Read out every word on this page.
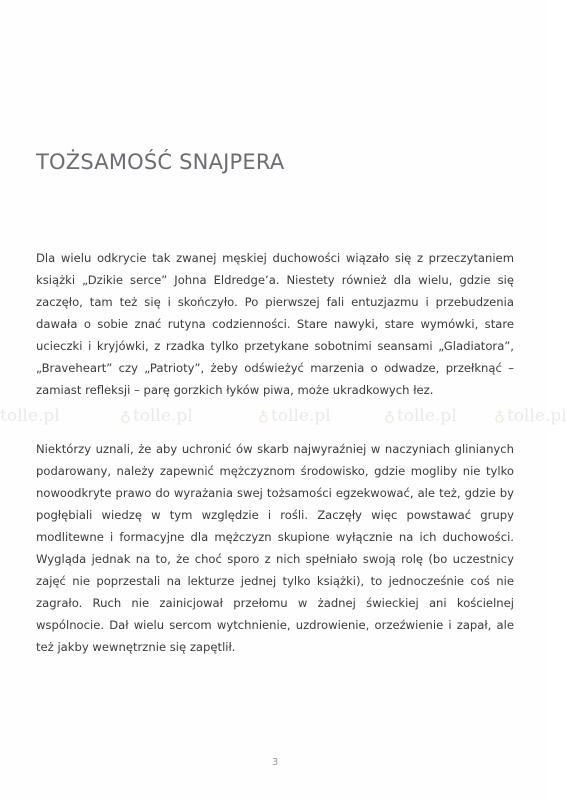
TOŻSAMOŚĆ SNAJPERA

Dla wielu odkrycie tak zwanej męskiej duchowości wiązało się z przeczytaniem książki „Dzikie serce” Johna Eldredge’a. Niestety również dla wielu, gdzie się zaczęło, tam też się i skończyło. Po pierwszej fali entuzjazmu i przebudzenia dawała o sobie znać rutyna codzienności. Stare nawyki, stare wymówki, stare ucieczki i kryjówki, z rzadka tylko przetykane sobotnimi seansami „Gladiatora”, „Braveheart” czy „Patrioty”, żeby odświeżyć marzenia o odwadze, przełknąć – zamiast refleksji – parę gorzkich łyków piwa, może ukradkowych łez.

tolle.pl	♁ tolle.pl	♁ tolle.pl	♁ tolle.pl ♁ tolle.pl

Niektórzy uznali, że aby uchronić ów skarb najwyraźniej w naczyniach glinianych podarowany, należy zapewnić mężczyznom środowisko, gdzie mogliby nie tylko nowoodkryte prawo do wyrażania swej tożsamości egzekwować, ale też, gdzie by pogłębiali wiedzę w tym względzie i rośli. Zaczęły więc powstawać grupy modlitewne i formacyjne dla mężczyzn skupione wyłącznie na ich duchowości. Wygląda jednak na to, że choć sporo z nich spełniało swoją rolę (bo uczestnicy zajęć nie poprzestali na lekturze jednej tylko książki), to jednocześnie coś nie zagrało. Ruch nie zainicjował przełomu w żadnej świeckiej ani kościelnej wspólnocie. Dał wielu sercom wytchnienie, uzdrowienie, orzeźwienie i zapał, ale też jakby wewnętrznie się zapętlił.

3
